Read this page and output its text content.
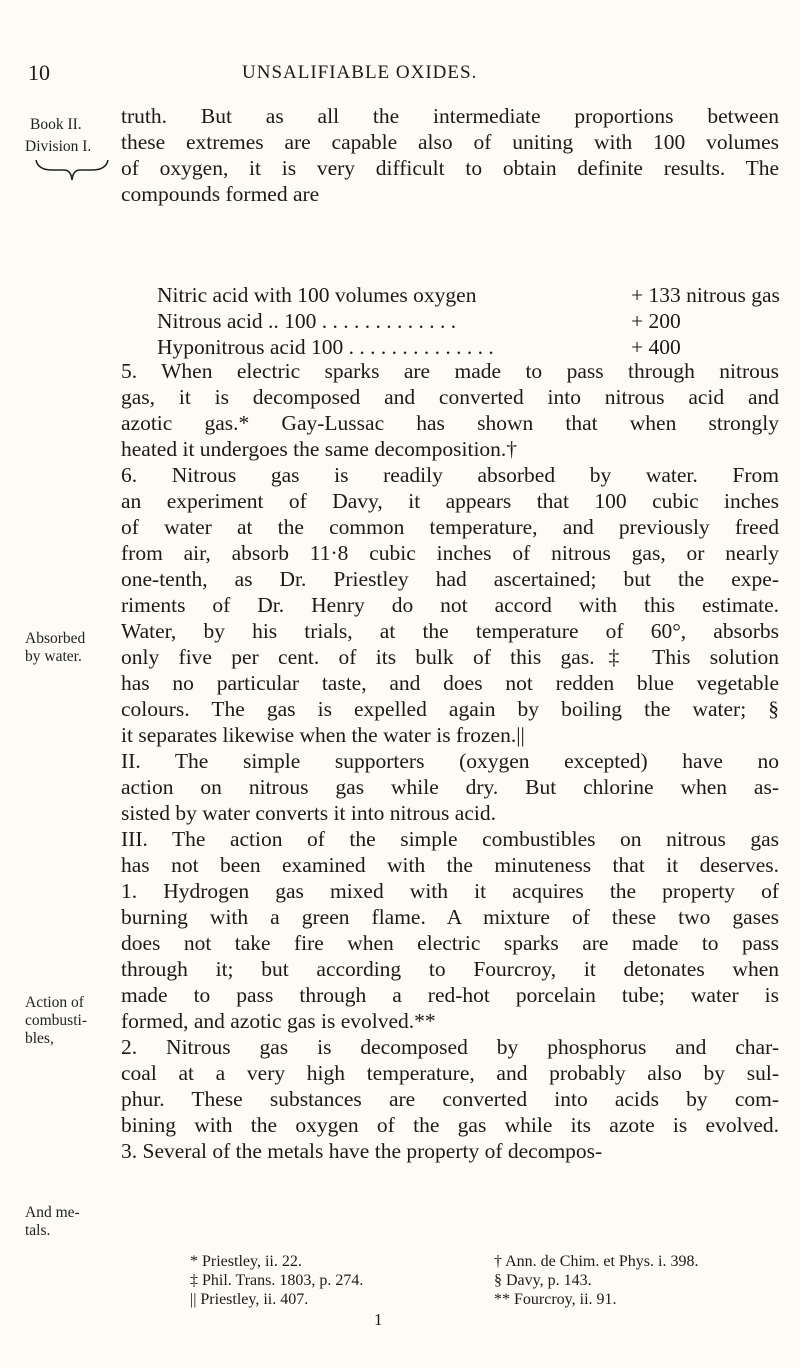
10	UNSALIFIABLE OXIDES.
Book II.
Division I.
Absorbed
by water.
Action of
combusti-
bles,
And me-
tals.
truth. But as all the intermediate proportions between
these extremes are capable also of uniting with 100 volumes
of oxygen, it is very difficult to obtain definite results. The
compounds formed are
Nitric acid with 100 volumes oxygen	+ 133 nitrous gas
Nitrous acid .. 100 . . . . . . . . . . . . .	+ 200
Hyponitrous acid 100 . . . . . . . . . . . . . .	+ 400
5. When electric sparks are made to pass through nitrous
gas, it is decomposed and converted into nitrous acid and
azotic gas.* Gay-Lussac has shown that when strongly
heated it undergoes the same decomposition.†
6. Nitrous gas is readily absorbed by water. From
an experiment of Davy, it appears that 100 cubic inches
of water at the common temperature, and previously freed
from air, absorb 11·8 cubic inches of nitrous gas, or nearly
one-tenth, as Dr. Priestley had ascertained; but the expe-
riments of Dr. Henry do not accord with this estimate.
Water, by his trials, at the temperature of 60°, absorbs
only five per cent. of its bulk of this gas.‡ This solution
has no particular taste, and does not redden blue vegetable
colours. The gas is expelled again by boiling the water; §
it separates likewise when the water is frozen.||
II. The simple supporters (oxygen excepted) have no
action on nitrous gas while dry. But chlorine when as-
sisted by water converts it into nitrous acid.
III. The action of the simple combustibles on nitrous gas
has not been examined with the minuteness that it deserves.
1. Hydrogen gas mixed with it acquires the property of
burning with a green flame. A mixture of these two gases
does not take fire when electric sparks are made to pass
through it; but according to Fourcroy, it detonates when
made to pass through a red-hot porcelain tube; water is
formed, and azotic gas is evolved.**
2. Nitrous gas is decomposed by phosphorus and char-
coal at a very high temperature, and probably also by sul-
phur. These substances are converted into acids by com-
bining with the oxygen of the gas while its azote is evolved.
3. Several of the metals have the property of decompos-
* Priestley, ii. 22.	† Ann. de Chim. et Phys. i. 398.
‡ Phil. Trans. 1803, p. 274.	§ Davy, p. 143.
|| Priestley, ii. 407.	** Fourcroy, ii. 91.
1
